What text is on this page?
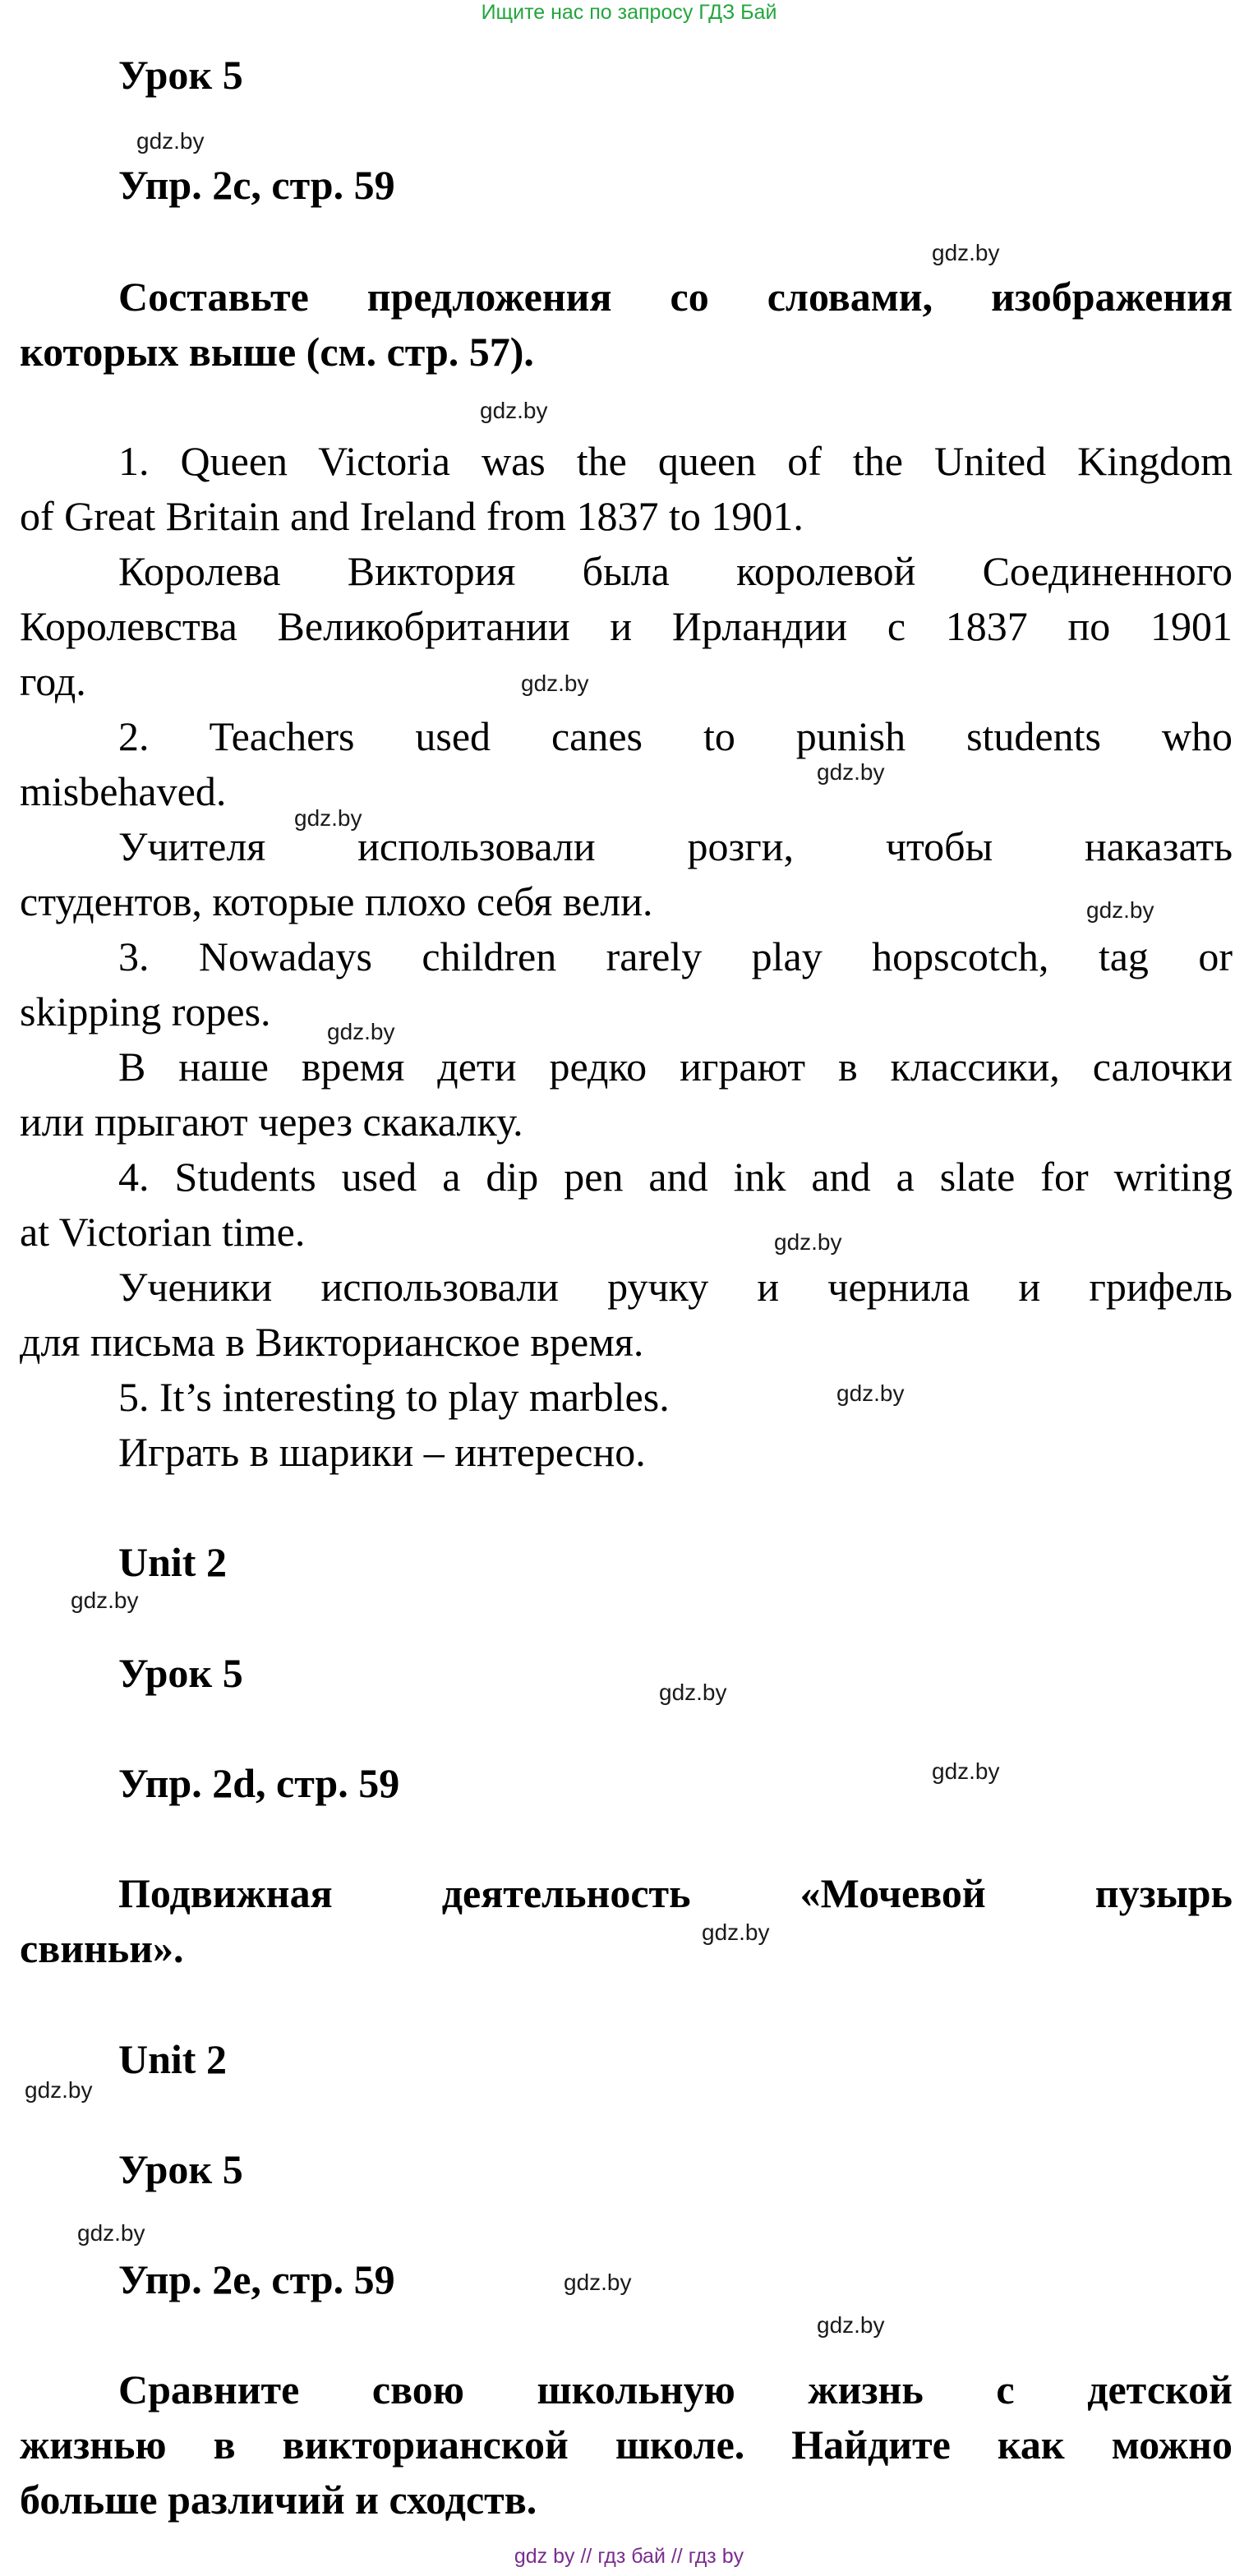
Ищите нас по запросу ГДЗ Бай
Урок 5
Упр. 2c, стр. 59
Составьте предложения со словами, изображения
которых выше (см. стр. 57).
1. Queen Victoria was the queen of the United Kingdom
of Great Britain and Ireland from 1837 to 1901.
Королева Виктория была королевой Соединенного
Королевства Великобритании и Ирландии с 1837 по 1901
год.
2. Teachers used canes to punish students who
misbehaved.
Учителя использовали розги, чтобы наказать
студентов, которые плохо себя вели.
3. Nowadays children rarely play hopscotch, tag or
skipping ropes.
В наше время дети редко играют в классики, салочки
или прыгают через скакалку.
4. Students used a dip pen and ink and a slate for writing
at Victorian time.
Ученики использовали ручку и чернила и грифель
для письма в Викторианское время.
5. It’s interesting to play marbles.
Играть в шарики – интересно.
Unit 2
Урок 5
Упр. 2d, стр. 59
Подвижная деятельность «Мочевой пузырь
свиньи».
Unit 2
Урок 5
Упр. 2e, стр. 59
Сравните свою школьную жизнь с детской
жизнью в викторианской школе. Найдите как можно
больше различий и сходств.
gdz.by
gdz.by
gdz.by
gdz.by
gdz.by
gdz.by
gdz.by
gdz.by
gdz.by
gdz.by
gdz.by
gdz.by
gdz.by
gdz.by
gdz.by
gdz.by
gdz.by
gdz.by
gdz by // гдз бай // гдз by
